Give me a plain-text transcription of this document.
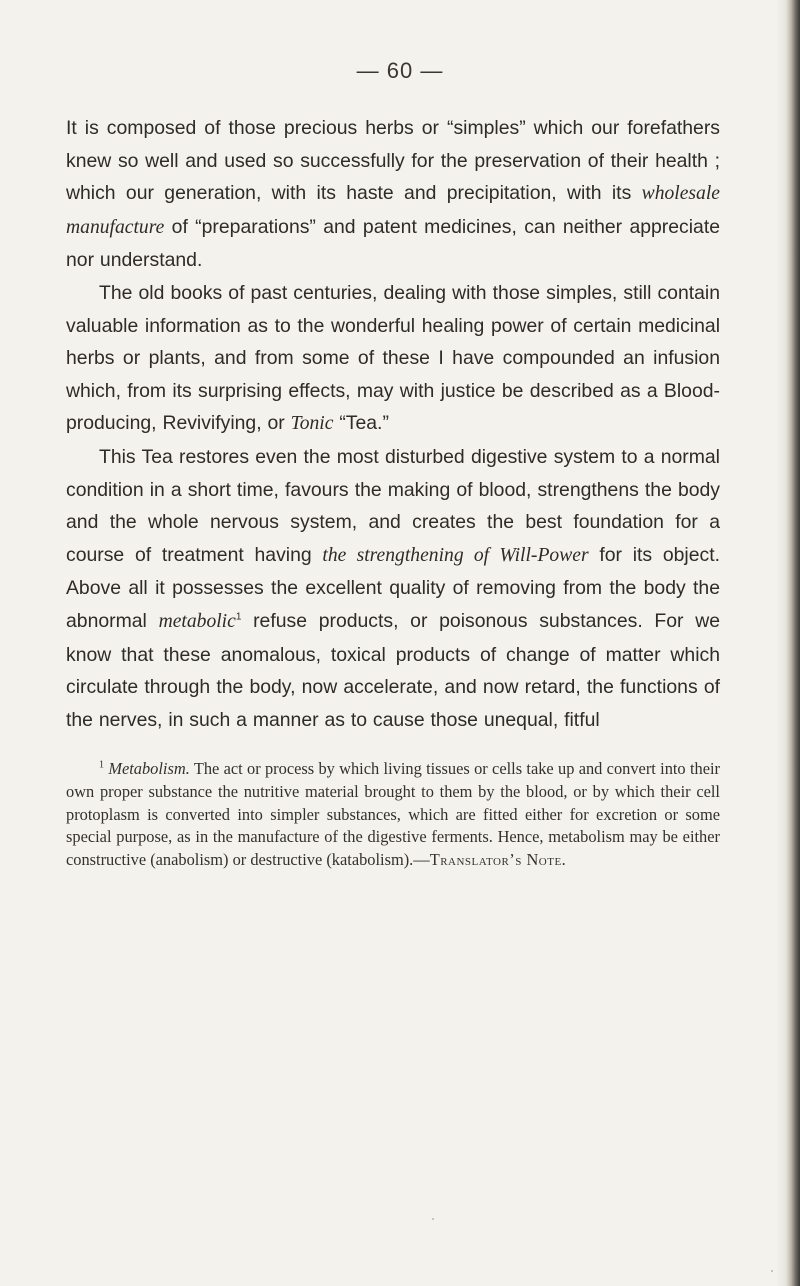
— 60 —

It is composed of those precious herbs or “simples” which our forefathers knew so well and used so successfully for the preservation of their health ; which our generation, with its haste and precipitation, with its wholesale manufacture of “preparations” and patent medicines, can neither appreciate nor understand.
The old books of past centuries, dealing with those simples, still contain valuable information as to the wonderful healing power of certain medicinal herbs or plants, and from some of these I have compounded an infusion which, from its surprising effects, may with justice be described as a Blood-producing, Revivifying, or Tonic “Tea.”
This Tea restores even the most disturbed digestive system to a normal condition in a short time, favours the making of blood, strengthens the body and the whole nervous system, and creates the best foundation for a course of treatment having the strengthening of Will-Power for its object. Above all it possesses the excellent quality of removing from the body the abnormal metabolic$^1$ refuse products, or poisonous substances. For we know that these anomalous, toxical products of change of matter which circulate through the body, now accelerate, and now retard, the functions of the nerves, in such a manner as to cause those unequal, fitful

$^1$ Metabolism. The act or process by which living tissues or cells take up and convert into their own proper substance the nutritive material brought to them by the blood, or by which their cell protoplasm is converted into simpler substances, which are fitted either for excretion or some special purpose, as in the manufacture of the digestive ferments. Hence, metabolism may be either constructive (anabolism) or destructive (katabolism).—Translator’s Note.
